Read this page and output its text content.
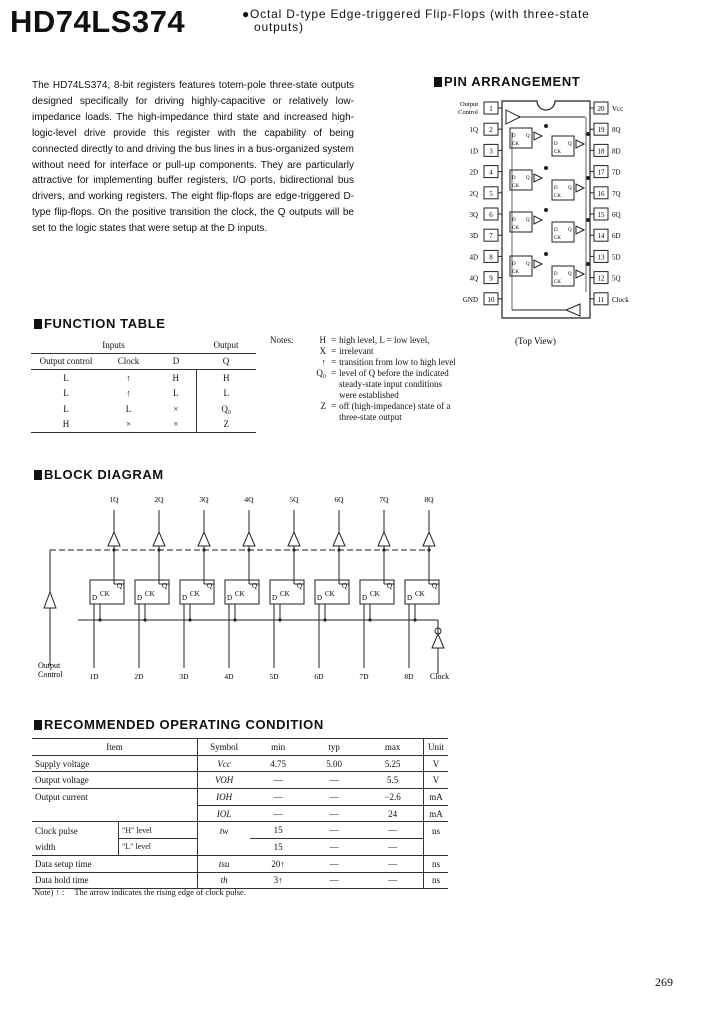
HD74LS374	●Octal D-type Edge-triggered Flip-Flops (with three-state
outputs)
The HD74LS374, 8-bit registers features totem-pole three-state outputs designed specifically for driving highly-capacitive or relatively low-impedance loads. The high-impedance third state and increased high-logic-level drive provide this register with the capability of being connected directly to and driving the bus lines in a bus-organized system without need for interface or pull-up components. They are particularly attractive for implementing buffer registers, I/O ports, bidirectional bus drivers, and working registers. The eight flip-flops are edge-triggered D-type flip-flops. On the positive transition the clock, the Q outputs will be set to the logic states that were setup at the D inputs.
PIN ARRANGEMENT
1
Output
Control
2
1Q
3
1D
4
2D
5
2Q
6
3Q
7
3D
8
4D
9
4Q
10
GND
20 Vcc
19 8Q
18 8D
17 7D
16 7Q
15 6Q
14 6D
13 5D
12 5Q
11 Clock
D Q
CK
D Q
CK
D Q
CK
D Q
CK
D Q
CK
D Q
CK
D Q
CK
D Q
CK
(Top View)
FUNCTION TABLE
Inputs			Output
Output control	Clock	D	Q
L	↑	H	H
L	↑	L	L
L	L	×	Q₀
H	×	×	Z
Notes:		H	=	high level, L = low level,
X	=	irrelevant
↑	=	transition from low to high level
Q₀	=	level of Q before the indicated steady-state input conditions were established
Z	=	off (high-impedance) state of a three-state output
BLOCK DIAGRAM
D CK
Q
1Q
1D
D CK
Q
2Q
2D
D CK
Q
3Q
3D
D CK
Q
4Q
4D
D CK
Q
5Q
5D
D CK
Q
6Q
6D
D CK
Q
7Q
7D
D CK
Q
8Q
8D
Output
Control	Clock
RECOMMENDED OPERATING CONDITION
Item		Symbol	min	typ	max	Unit
Supply voltage		Vcc	4.75	5.00	5.25	V
Output voltage		VOH	—	—	5.5	V
Output current		IOH	—	—	−2.6	mA
		IOL	—	—	24	mA
Clock pulse	"H" level	tw	15	—	—	ns
width	"L" level		15	—	—	
Data setup time		tsu	20↑	—	—	ns
Data hold time		th	3↑	—	—	ns
Note) ↑ : The arrow indicates the rising edge of clock pulse.
269
